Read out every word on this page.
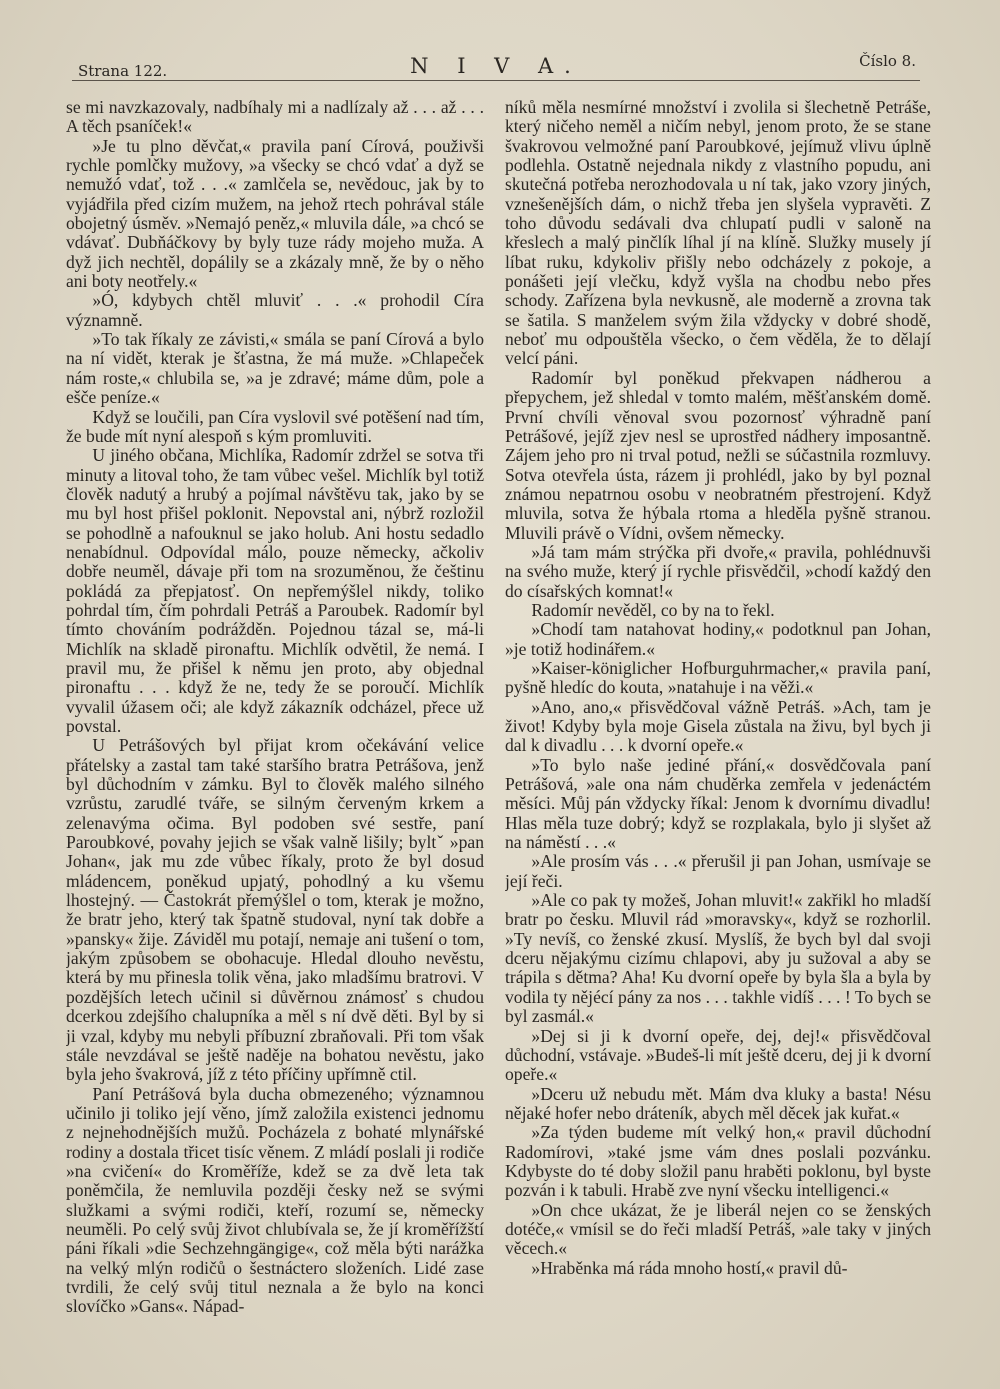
Strana 122.	N I V A.	Číslo 8.

se mi navzkazovaly, nadbíhaly mi a nadlízaly až . . . až . . . A těch psaníček!«

»Je tu plno děvčat,« pravila paní Círová, použivši rychle pomlčky mužovy, »a všecky se chcó vdať a dyž se nemužó vdať, tož . . .« zamlčela se, nevědouc, jak by to vyjádřila před cizím mužem, na jehož rtech pohrával stále obojetný úsměv. »Nemajó peněz,« mluvila dále, »a chcó se vdávať. Dubňáčkovy by byly tuze rády mojeho muža. A dyž jich nechtěl, dopálily se a zkázaly mně, že by o něho ani boty neotřely.«

»Ó, kdybych chtěl mluviť . . .« prohodil Círa významně.

»To tak říkaly ze závisti,« smála se paní Círová a bylo na ní vidět, kterak je šťastna, že má muže. »Chlapeček nám roste,« chlubila se, »a je zdravé; máme dům, pole a ešče peníze.«

Když se loučili, pan Círa vyslovil své potěšení nad tím, že bude mít nyní alespoň s kým promluviti.

U jiného občana, Michlíka, Radomír zdržel se sotva tři minuty a litoval toho, že tam vůbec vešel. Michlík byl totiž člověk nadutý a hrubý a pojímal návštěvu tak, jako by se mu byl host přišel poklonit. Nepovstal ani, nýbrž rozložil se pohodlně a nafouknul se jako holub. Ani hostu sedadlo nenabídnul. Odpovídal málo, pouze německy, ačkoliv dobře neuměl, dávaje při tom na srozuměnou, že češtinu pokládá za přepjatosť. On nepřemýšlel nikdy, toliko pohrdal tím, čím pohrdali Petráš a Paroubek. Radomír byl tímto chováním podrážděn. Pojednou tázal se, má-li Michlík na skladě pironaftu. Michlík odvětil, že nemá. I pravil mu, že přišel k němu jen proto, aby objednal pironaftu . . . když že ne, tedy že se poroučí. Michlík vyvalil úžasem oči; ale když zákazník odcházel, přece už povstal.

U Petrášových byl přijat krom očekávání velice přátelsky a zastal tam také staršího bratra Petrášova, jenž byl důchodním v zámku. Byl to člověk malého silného vzrůstu, zarudlé tváře, se silným červeným krkem a zelenavýma očima. Byl podoben své sestře, paní Paroubkové, povahy jejich se však valně lišily; byltˇ »pan Johan«, jak mu zde vůbec říkaly, proto že byl dosud mládencem, poněkud upjatý, pohodlný a ku všemu lhostejný. — Častokrát přemýšlel o tom, kterak je možno, že bratr jeho, který tak špatně studoval, nyní tak dobře a »pansky« žije. Záviděl mu potají, nemaje ani tušení o tom, jakým způsobem se obohacuje. Hledal dlouho nevěstu, která by mu přinesla tolik věna, jako mladšímu bratrovi. V pozdějších letech učinil si důvěrnou známosť s chudou dcerkou zdejšího chalupníka a měl s ní dvě děti. Byl by si ji vzal, kdyby mu nebyli příbuzní zbraňovali. Při tom však stále nevzdával se ještě naděje na bohatou nevěstu, jako byla jeho švakrová, jíž z této příčiny upřímně ctil.

Paní Petrášová byla ducha obmezeného; významnou učinilo ji toliko její věno, jímž založila existenci jednomu z nejnehodnějších mužů. Pocházela z bohaté mlynářské rodiny a dostala třicet tisíc věnem. Z mládí poslali ji rodiče »na cvičení« do Kroměříže, kdež se za dvě leta tak poněmčila, že nemluvila později česky než se svými služkami a svými rodiči, kteří, rozumí se, německy neuměli. Po celý svůj život chlubívala se, že jí kroměřížští páni říkali »die Sechzehngängige«, což měla býti narážka na velký mlýn rodičů o šestnáctero složeních. Lidé zase tvrdili, že celý svůj titul neznala a že bylo na konci slovíčko »Gans«. Nápad-

níků měla nesmírné množství i zvolila si šlechetně Petráše, který ničeho neměl a ničím nebyl, jenom proto, že se stane švakrovou velmožné paní Paroubkové, jejímuž vlivu úplně podlehla. Ostatně nejednala nikdy z vlastního popudu, ani skutečná potřeba nerozhodovala u ní tak, jako vzory jiných, vznešenějších dám, o nichž třeba jen slyšela vypravěti. Z toho důvodu sedávali dva chlupatí pudli v saloně na křeslech a malý pinčlík líhal jí na klíně. Služky musely jí líbat ruku, kdykoliv přišly nebo odcházely z pokoje, a ponášeti její vlečku, když vyšla na chodbu nebo přes schody. Zařízena byla nevkusně, ale moderně a zrovna tak se šatila. S manželem svým žila vždycky v dobré shodě, neboť mu odpouštěla všecko, o čem věděla, že to dělají velcí páni.

Radomír byl poněkud překvapen nádherou a přepychem, jež shledal v tomto malém, měšťanském domě. První chvíli věnoval svou pozornosť výhradně paní Petrášové, jejíž zjev nesl se uprostřed nádhery imposantně. Zájem jeho pro ni trval potud, nežli se súčastnila rozmluvy. Sotva otevřela ústa, rázem ji prohlédl, jako by byl poznal známou nepatrnou osobu v neobratném přestrojení. Když mluvila, sotva že hýbala rtoma a hleděla pyšně stranou. Mluvili právě o Vídni, ovšem německy.

»Já tam mám strýčka při dvoře,« pravila, pohlédnuvši na svého muže, který jí rychle přisvědčil, »chodí každý den do císařských komnat!«

Radomír nevěděl, co by na to řekl.

»Chodí tam natahovat hodiny,« podotknul pan Johan, »je totiž hodinářem.«

»Kaiser-königlicher Hofburguhrmacher,« pravila paní, pyšně hledíc do kouta, »natahuje i na věži.«

»Ano, ano,« přisvědčoval vážně Petráš. »Ach, tam je život! Kdyby byla moje Gisela zůstala na živu, byl bych ji dal k divadlu . . . k dvorní opeře.«

»To bylo naše jediné přání,« dosvědčovala paní Petrášová, »ale ona nám chuděrka zemřela v jedenáctém měsíci. Můj pán vždycky říkal: Jenom k dvornímu divadlu! Hlas měla tuze dobrý; když se rozplakala, bylo ji slyšet až na náměstí . . .«

»Ale prosím vás . . .« přerušil ji pan Johan, usmívaje se její řeči.

»Ale co pak ty možeš, Johan mluvit!« zakřikl ho mladší bratr po česku. Mluvil rád »moravsky«, když se rozhorlil. »Ty nevíš, co ženské zkusí. Myslíš, že bych byl dal svoji dceru nějakýmu cizímu chlapovi, aby ju sužoval a aby se trápila s dětma? Aha! Ku dvorní opeře by byla šla a byla by vodila ty nějécí pány za nos . . . takhle vidíš . . . ! To bych se byl zasmál.«

»Dej si ji k dvorní opeře, dej, dej!« přisvědčoval důchodní, vstávaje. »Budeš-li mít ještě dceru, dej ji k dvorní opeře.«

»Dceru už nebudu mět. Mám dva kluky a basta! Nésu nějaké hofer nebo dráteník, abych měl děcek jak kuřat.«

»Za týden budeme mít velký hon,« pravil důchodní Radomírovi, »také jsme vám dnes poslali pozvánku. Kdybyste do té doby složil panu hraběti poklonu, byl byste pozván i k tabuli. Hrabě zve nyní všecku intelligenci.«

»On chce ukázat, že je liberál nejen co se ženských dotéče,« vmísil se do řeči mladší Petráš, »ale taky v jiných věcech.«

»Hraběnka má ráda mnoho hostí,« pravil dů-
